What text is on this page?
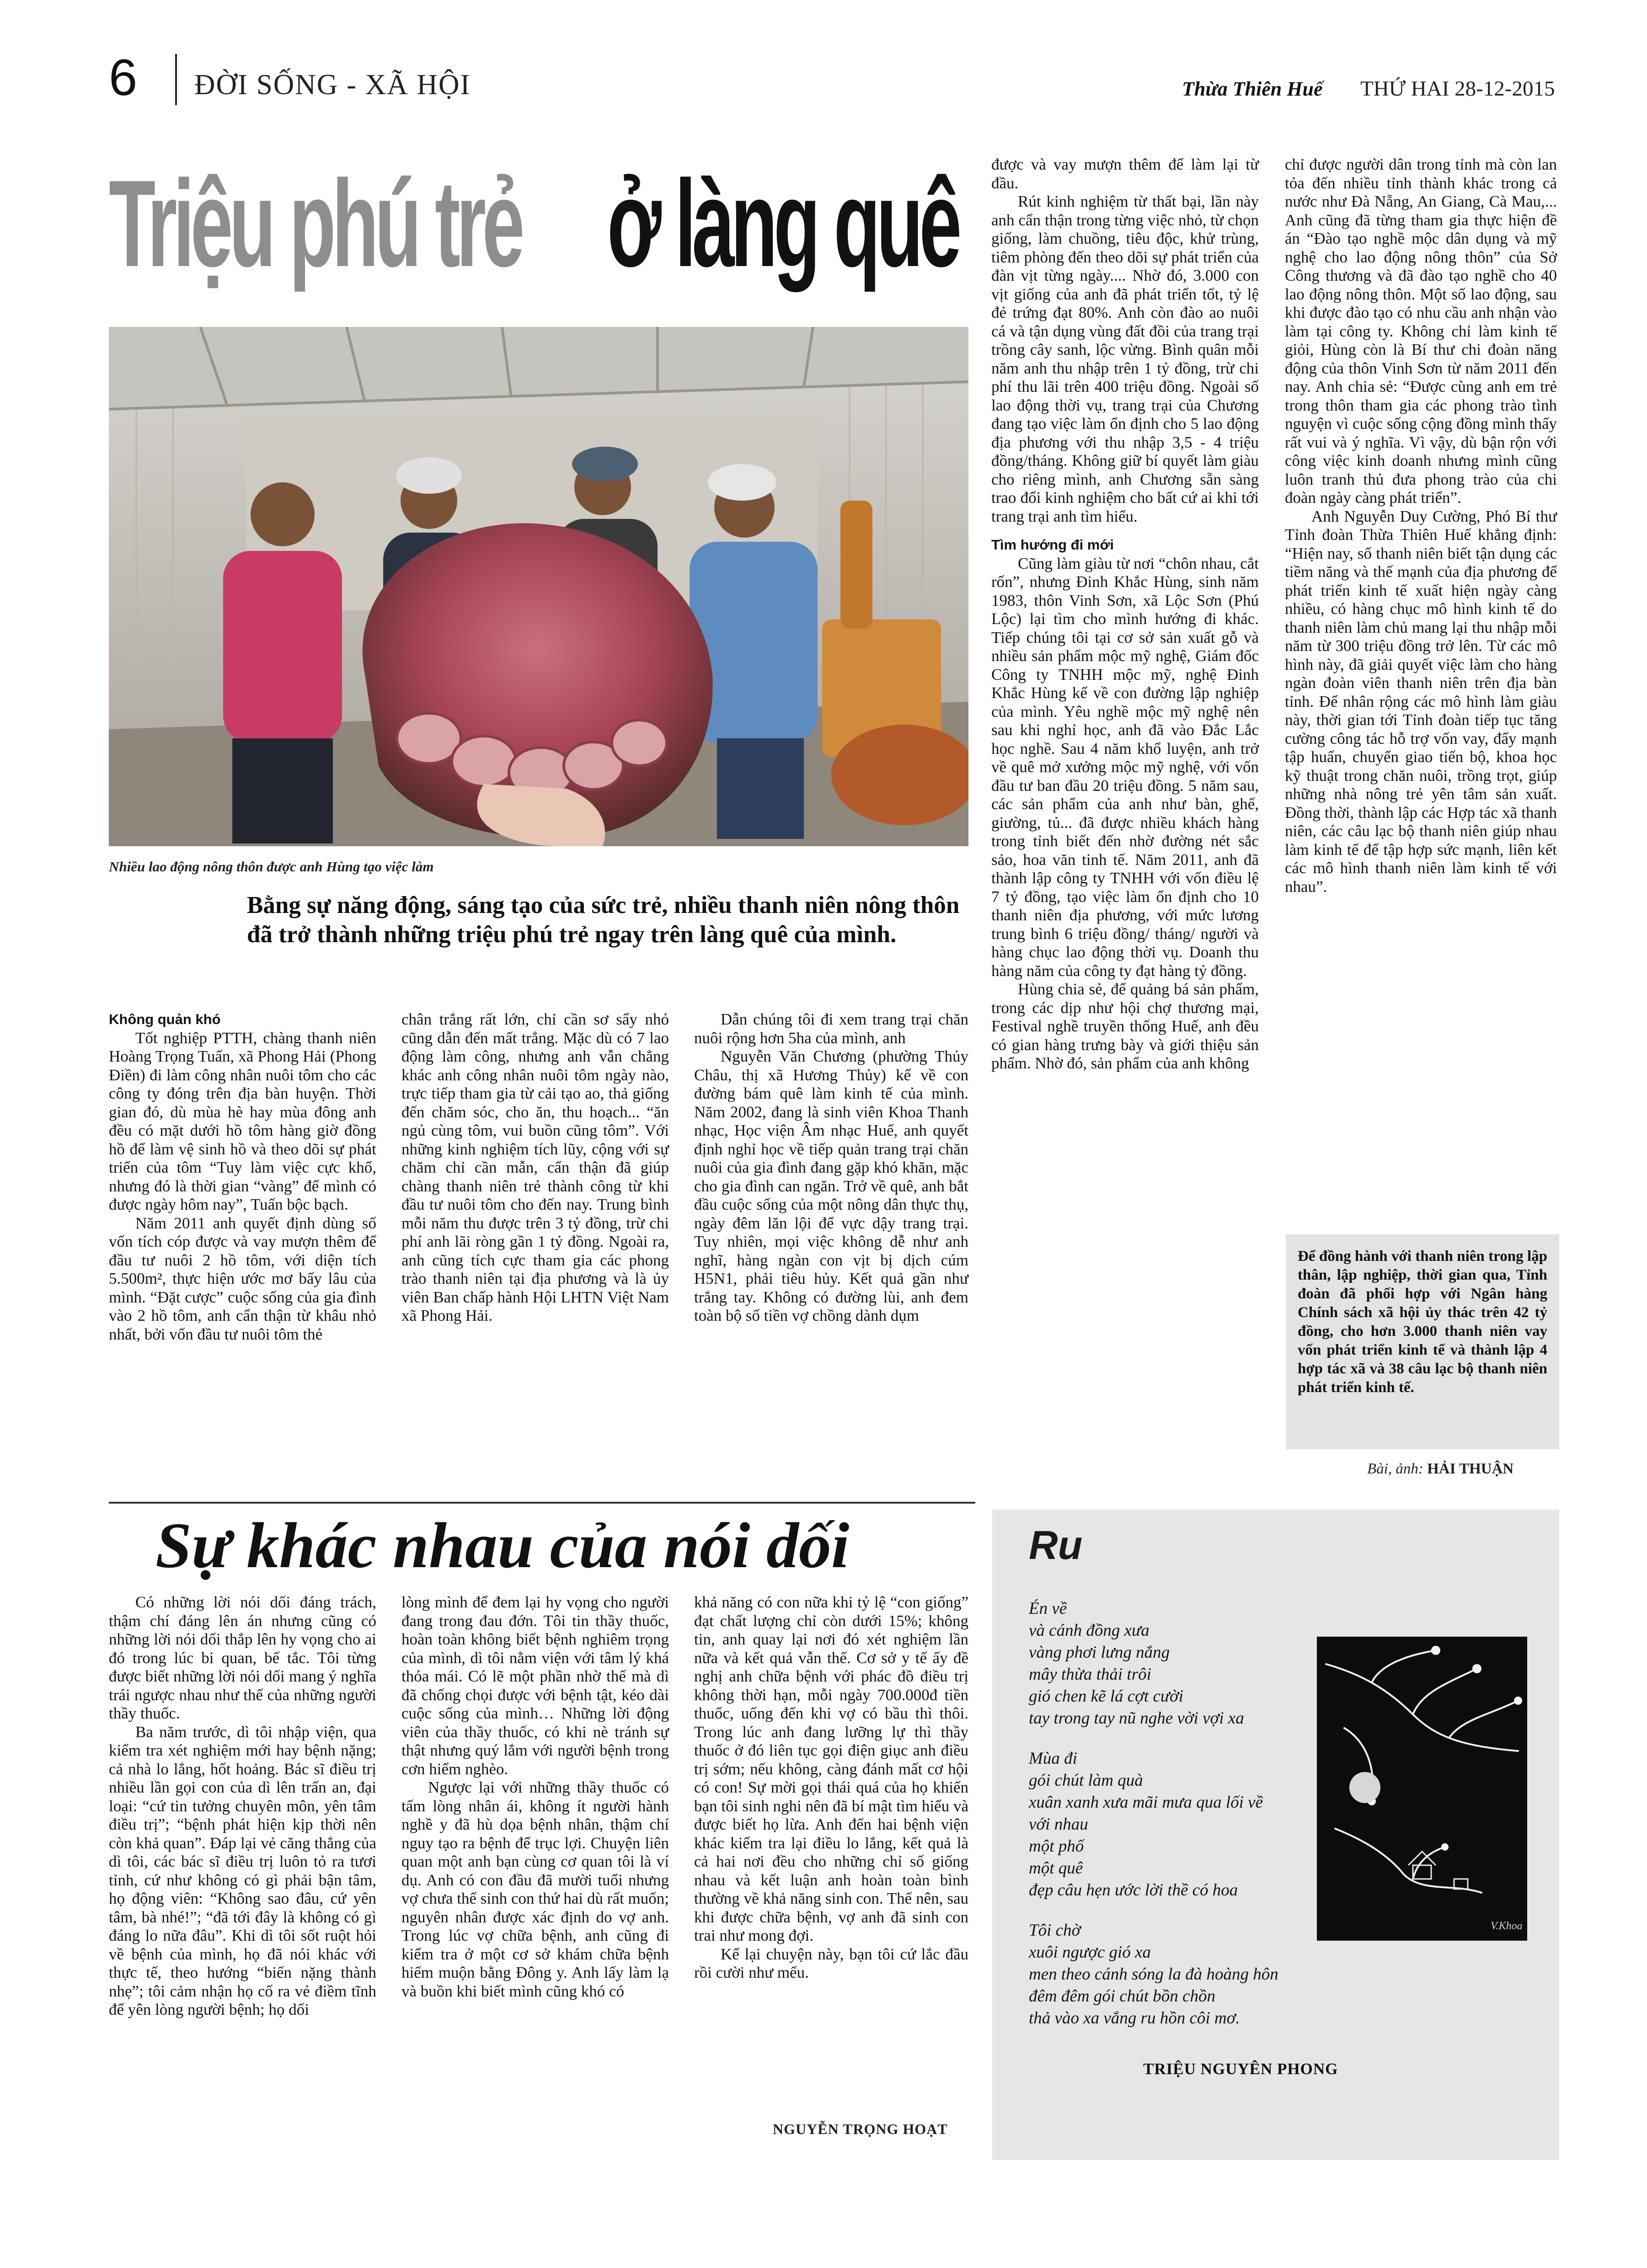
6 ĐỜI SỐNG - XÃ HỘI	Thừa Thiên Huế THỨ HAI 28-12-2015
Triệu phú trẻ ở làng quê
Nhiều lao động nông thôn được anh Hùng tạo việc làm
Bằng sự năng động, sáng tạo của sức trẻ, nhiều thanh niên nông thôn đã trở thành những triệu phú trẻ ngay trên làng quê của mình.

Không quản khó

Tốt nghiệp PTTH, chàng thanh niên Hoàng Trọng Tuấn, xã Phong Hải (Phong Điền) đi làm công nhân nuôi tôm cho các công ty đóng trên địa bàn huyện. Thời gian đó, dù mùa hè hay mùa đông anh đều có mặt dưới hồ tôm hàng giờ đồng hồ để làm vệ sinh hồ và theo dõi sự phát triển của tôm “Tuy làm việc cực khổ, nhưng đó là thời gian “vàng” để mình có được ngày hôm nay”, Tuấn bộc bạch.

Năm 2011 anh quyết định dùng số vốn tích cóp được và vay mượn thêm để đầu tư nuôi 2 hồ tôm, với diện tích 5.500m², thực hiện ước mơ bấy lâu của mình. “Đặt cược” cuộc sống của gia đình vào 2 hồ tôm, anh cẩn thận từ khâu nhỏ nhất, bởi vốn đầu tư nuôi tôm thẻ

chân trắng rất lớn, chỉ cần sơ sẩy nhỏ cũng dẫn đến mất trắng. Mặc dù có 7 lao động làm công, nhưng anh vẫn chẳng khác anh công nhân nuôi tôm ngày nào, trực tiếp tham gia từ cải tạo ao, thả giống đến chăm sóc, cho ăn, thu hoạch... “ăn ngủ cùng tôm, vui buồn cũng tôm”. Với những kinh nghiệm tích lũy, cộng với sự chăm chỉ cần mẫn, cẩn thận đã giúp chàng thanh niên trẻ thành công từ khi đầu tư nuôi tôm cho đến nay. Trung bình mỗi năm thu được trên 3 tỷ đồng, trừ chi phí anh lãi ròng gần 1 tỷ đồng. Ngoài ra, anh cũng tích cực tham gia các phong trào thanh niên tại địa phương và là ủy viên Ban chấp hành Hội LHTN Việt Nam xã Phong Hải.

Dẫn chúng tôi đi xem trang trại chăn nuôi rộng hơn 5ha của mình, anh

Nguyễn Văn Chương (phường Thủy Châu, thị xã Hương Thủy) kể về con đường bám quê làm kinh tế của mình. Năm 2002, đang là sinh viên Khoa Thanh nhạc, Học viện Âm nhạc Huế, anh quyết định nghỉ học về tiếp quản trang trại chăn nuôi của gia đình đang gặp khó khăn, mặc cho gia đình can ngăn. Trở về quê, anh bắt đầu cuộc sống của một nông dân thực thụ, ngày đêm lăn lội để vực dậy trang trại. Tuy nhiên, mọi việc không dễ như anh nghĩ, hàng ngàn con vịt bị dịch cúm H5N1, phải tiêu hủy. Kết quả gần như trắng tay. Không có đường lùi, anh đem toàn bộ số tiền vợ chồng dành dụm

được và vay mượn thêm để làm lại từ đầu.

Rút kinh nghiệm từ thất bại, lần này anh cẩn thận trong từng việc nhỏ, từ chọn giống, làm chuồng, tiêu độc, khử trùng, tiêm phòng đến theo dõi sự phát triển của đàn vịt từng ngày.... Nhờ đó, 3.000 con vịt giống của anh đã phát triển tốt, tỷ lệ đẻ trứng đạt 80%. Anh còn đào ao nuôi cá và tận dụng vùng đất đồi của trang trại trồng cây sanh, lộc vừng. Bình quân mỗi năm anh thu nhập trên 1 tỷ đồng, trừ chi phí thu lãi trên 400 triệu đồng. Ngoài số lao động thời vụ, trang trại của Chương đang tạo việc làm ổn định cho 5 lao động địa phương với thu nhập 3,5 - 4 triệu đồng/tháng. Không giữ bí quyết làm giàu cho riêng mình, anh Chương sẵn sàng trao đổi kinh nghiệm cho bất cứ ai khi tới trang trại anh tìm hiểu.

Tìm hướng đi mới

Cũng làm giàu từ nơi “chôn nhau, cắt rốn”, nhưng Đinh Khắc Hùng, sinh năm 1983, thôn Vinh Sơn, xã Lộc Sơn (Phú Lộc) lại tìm cho mình hướng đi khác. Tiếp chúng tôi tại cơ sở sản xuất gỗ và nhiều sản phẩm mộc mỹ nghệ, Giám đốc Công ty TNHH mộc mỹ, nghệ Đinh Khắc Hùng kể về con đường lập nghiệp của mình. Yêu nghề mộc mỹ nghệ nên sau khi nghỉ học, anh đã vào Đắc Lắc học nghề. Sau 4 năm khổ luyện, anh trở về quê mở xưởng mộc mỹ nghệ, với vốn đầu tư ban đầu 20 triệu đồng. 5 năm sau, các sản phẩm của anh như bàn, ghế, giường, tủ... đã được nhiều khách hàng trong tỉnh biết đến nhờ đường nét sắc sảo, hoa văn tinh tế. Năm 2011, anh đã thành lập công ty TNHH với vốn điều lệ 7 tỷ đồng, tạo việc làm ổn định cho 10 thanh niên địa phương, với mức lương trung bình 6 triệu đồng/ tháng/ người và hàng chục lao động thời vụ. Doanh thu hàng năm của công ty đạt hàng tỷ đồng.

Hùng chia sẻ, để quảng bá sản phẩm, trong các dịp như hội chợ thương mại, Festival nghề truyền thống Huế, anh đều có gian hàng trưng bày và giới thiệu sản phẩm. Nhờ đó, sản phẩm của anh không

chỉ được người dân trong tỉnh mà còn lan tỏa đến nhiều tỉnh thành khác trong cả nước như Đà Nẵng, An Giang, Cà Mau,... Anh cũng đã từng tham gia thực hiện đề án “Đào tạo nghề mộc dân dụng và mỹ nghệ cho lao động nông thôn” của Sở Công thương và đã đào tạo nghề cho 40 lao động nông thôn. Một số lao động, sau khi được đào tạo có nhu cầu anh nhận vào làm tại công ty. Không chỉ làm kinh tế giỏi, Hùng còn là Bí thư chi đoàn năng động của thôn Vinh Sơn từ năm 2011 đến nay. Anh chia sẻ: “Được cùng anh em trẻ trong thôn tham gia các phong trào tình nguyện vì cuộc sống cộng đồng mình thấy rất vui và ý nghĩa. Vì vậy, dù bận rộn với công việc kinh doanh nhưng mình cũng luôn tranh thủ đưa phong trào của chi đoàn ngày càng phát triển”.

Anh Nguyễn Duy Cường, Phó Bí thư Tỉnh đoàn Thừa Thiên Huế khẳng định: “Hiện nay, số thanh niên biết tận dụng các tiềm năng và thế mạnh của địa phương để phát triển kinh tế xuất hiện ngày càng nhiều, có hàng chục mô hình kinh tế do thanh niên làm chủ mang lại thu nhập mỗi năm từ 300 triệu đồng trở lên. Từ các mô hình này, đã giải quyết việc làm cho hàng ngàn đoàn viên thanh niên trên địa bàn tỉnh. Để nhân rộng các mô hình làm giàu này, thời gian tới Tỉnh đoàn tiếp tục tăng cường công tác hỗ trợ vốn vay, đẩy mạnh tập huấn, chuyển giao tiến bộ, khoa học kỹ thuật trong chăn nuôi, trồng trọt, giúp những nhà nông trẻ yên tâm sản xuất. Đồng thời, thành lập các Hợp tác xã thanh niên, các câu lạc bộ thanh niên giúp nhau làm kinh tế để tập hợp sức mạnh, liên kết các mô hình thanh niên làm kinh tế với nhau”.

Để đồng hành với thanh niên trong lập thân, lập nghiệp, thời gian qua, Tỉnh đoàn đã phối hợp với Ngân hàng Chính sách xã hội ủy thác trên 42 tỷ đồng, cho hơn 3.000 thanh niên vay vốn phát triển kinh tế và thành lập 4 hợp tác xã và 38 câu lạc bộ thanh niên phát triển kinh tế.
Bài, ảnh: HẢI THUẬN
Sự khác nhau của nói dối

Có những lời nói dối đáng trách, thậm chí đáng lên án nhưng cũng có những lời nói dối thắp lên hy vọng cho ai đó trong lúc bi quan, bế tắc. Tôi từng được biết những lời nói dối mang ý nghĩa trái ngược nhau như thế của những người thầy thuốc.

Ba năm trước, dì tôi nhập viện, qua kiểm tra xét nghiệm mới hay bệnh nặng; cả nhà lo lắng, hốt hoảng. Bác sĩ điều trị nhiều lần gọi con của dì lên trấn an, đại loại: “cứ tin tưởng chuyên môn, yên tâm điều trị”; “bệnh phát hiện kịp thời nên còn khả quan”. Đáp lại vẻ căng thẳng của dì tôi, các bác sĩ điều trị luôn tỏ ra tươi tỉnh, cứ như không có gì phải bận tâm, họ động viên: “Không sao đâu, cứ yên tâm, bà nhé!”; “đã tới đây là không có gì đáng lo nữa đâu”. Khi dì tôi sốt ruột hỏi về bệnh của mình, họ đã nói khác với thực tế, theo hướng “biến nặng thành nhẹ”; tôi cảm nhận họ cố ra vẻ điềm tĩnh để yên lòng người bệnh; họ dối

lòng mình để đem lại hy vọng cho người đang trong đau đớn. Tôi tin thầy thuốc, hoàn toàn không biết bệnh nghiêm trọng của mình, dì tôi nằm viện với tâm lý khá thỏa mái. Có lẽ một phần nhờ thế mà dì đã chống chọi được với bệnh tật, kéo dài cuộc sống của mình… Những lời động viên của thầy thuốc, có khi nè tránh sự thật nhưng quý lắm với người bệnh trong cơn hiểm nghèo.

Ngược lại với những thầy thuốc có tấm lòng nhân ái, không ít người hành nghề y đã hù dọa bệnh nhân, thậm chí nguy tạo ra bệnh để trục lợi. Chuyện liên quan một anh bạn cùng cơ quan tôi là ví dụ. Anh có con đầu đã mười tuổi nhưng vợ chưa thể sinh con thứ hai dù rất muốn; nguyên nhân được xác định do vợ anh. Trong lúc vợ chữa bệnh, anh cũng đi kiểm tra ở một cơ sở khám chữa bệnh hiếm muộn bằng Đông y. Anh lấy làm lạ và buồn khi biết mình cũng khó có

khả năng có con nữa khi tỷ lệ “con giống” đạt chất lượng chỉ còn dưới 15%; không tin, anh quay lại nơi đó xét nghiệm lần nữa và kết quả vẫn thế. Cơ sở y tế ấy đề nghị anh chữa bệnh với phác đồ điều trị không thời hạn, mỗi ngày 700.000đ tiền thuốc, uống đến khi vợ có bầu thì thôi. Trong lúc anh đang lưỡng lự thì thầy thuốc ở đó liên tục gọi điện giục anh điều trị sớm; nếu không, càng đánh mất cơ hội có con! Sự mời gọi thái quá của họ khiến bạn tôi sinh nghi nên đã bí mật tìm hiểu và được biết họ lừa. Anh đến hai bệnh viện khác kiểm tra lại điều lo lắng, kết quả là cả hai nơi đều cho những chỉ số giống nhau và kết luận anh hoàn toàn bình thường về khả năng sinh con. Thế nên, sau khi được chữa bệnh, vợ anh đã sinh con trai như mong đợi.

Kể lại chuyện này, bạn tôi cứ lắc đầu rồi cười như mếu.

NGUYỄN TRỌNG HOẠT
Ru

Én về

và cánh đồng xưa

vàng phơi lưng nắng

mây thừa thải trôi

gió chen kẽ lá cợt cười

tay trong tay nũ nghe vời vợi xa

Mùa đi

gói chút làm quà

xuân xanh xưa mãi mưa qua lối về

với nhau

một phố

một quê

đẹp câu hẹn ước lời thề có hoa

Tôi chờ

xuôi ngược gió xa

men theo cánh sóng la đà hoàng hôn

đêm đêm gói chút bồn chồn

thả vào xa vắng ru hồn côi mơ.

V.Khoa
TRIỆU NGUYÊN PHONG
